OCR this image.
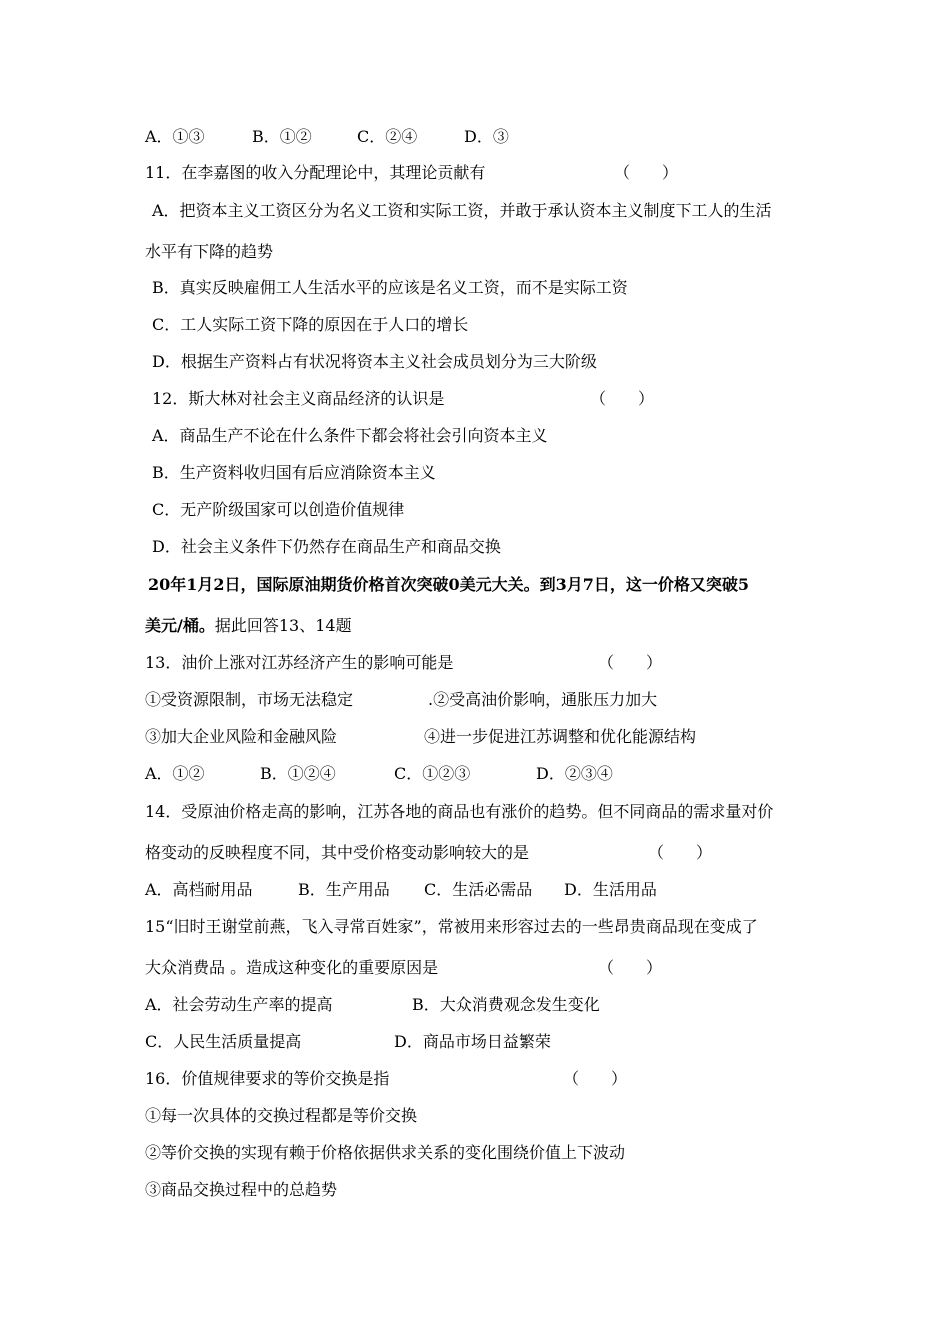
A．①③	B．①②	C．②④	D．③
11．在李嘉图的收入分配理论中，其理论贡献有	（　　）
A．把资本主义工资区分为名义工资和实际工资，并敢于承认资本主义制度下工人的生活
水平有下降的趋势
B．真实反映雇佣工人生活水平的应该是名义工资，而不是实际工资
C．工人实际工资下降的原因在于人口的增长
D．根据生产资料占有状况将资本主义社会成员划分为三大阶级
12．斯大林对社会主义商品经济的认识是	（　　）
A．商品生产不论在什么条件下都会将社会引向资本主义
B．生产资料收归国有后应消除资本主义
C．无产阶级国家可以创造价值规律
D．社会主义条件下仍然存在商品生产和商品交换
20年1月2日，国际原油期货价格首次突破0美元大关。到3月7日，这一价格又突破5
美元/桶。据此回答13、14题
13．油价上涨对江苏经济产生的影响可能是	（　　）
①受资源限制，市场无法稳定	.②受高油价影响，通胀压力加大
③加大企业风险和金融风险	④进一步促进江苏调整和优化能源结构
A．①②	B．①②④	C．①②③	D．②③④
14．受原油价格走高的影响，江苏各地的商品也有涨价的趋势。但不同商品的需求量对价
格变动的反映程度不同，其中受价格变动影响较大的是	（　　）
A．高档耐用品	B．生产用品 C．生活必需品 D．生活用品
15“旧时王谢堂前燕，飞入寻常百姓家”，常被用来形容过去的一些昂贵商品现在变成了
大众消费品 。造成这种变化的重要原因是	（　　）
A．社会劳动生产率的提高	B．大众消费观念发生变化
C．人民生活质量提高	D．商品市场日益繁荣
16．价值规律要求的等价交换是指	（　　）
①每一次具体的交换过程都是等价交换
②等价交换的实现有赖于价格依据供求关系的变化围绕价值上下波动
③商品交换过程中的总趋势
